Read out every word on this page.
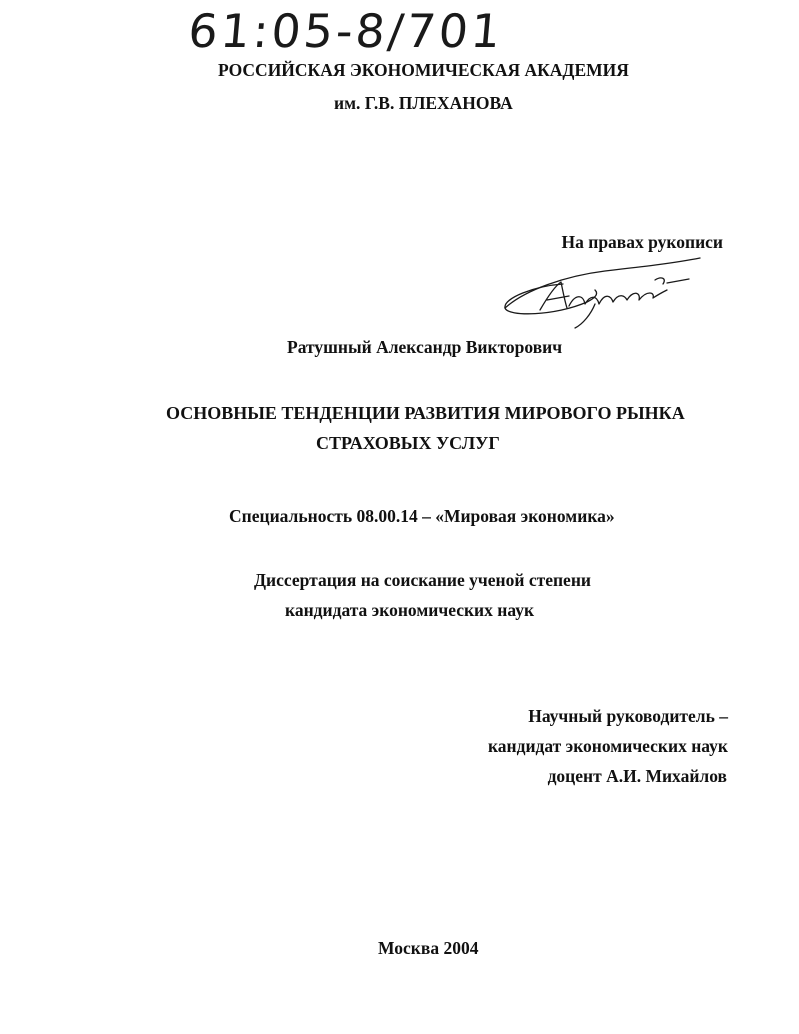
61:05-8/701
РОССИЙСКАЯ ЭКОНОМИЧЕСКАЯ АКАДЕМИЯ
им. Г.В. ПЛЕХАНОВА
На правах рукописи
Ратушный Александр Викторович
ОСНОВНЫЕ ТЕНДЕНЦИИ РАЗВИТИЯ МИРОВОГО РЫНКА
СТРАХОВЫХ УСЛУГ
Специальность 08.00.14 – «Мировая экономика»
Диссертация на соискание ученой степени
кандидата экономических наук
Научный руководитель –
кандидат экономических наук
доцент А.И. Михайлов
Москва 2004
